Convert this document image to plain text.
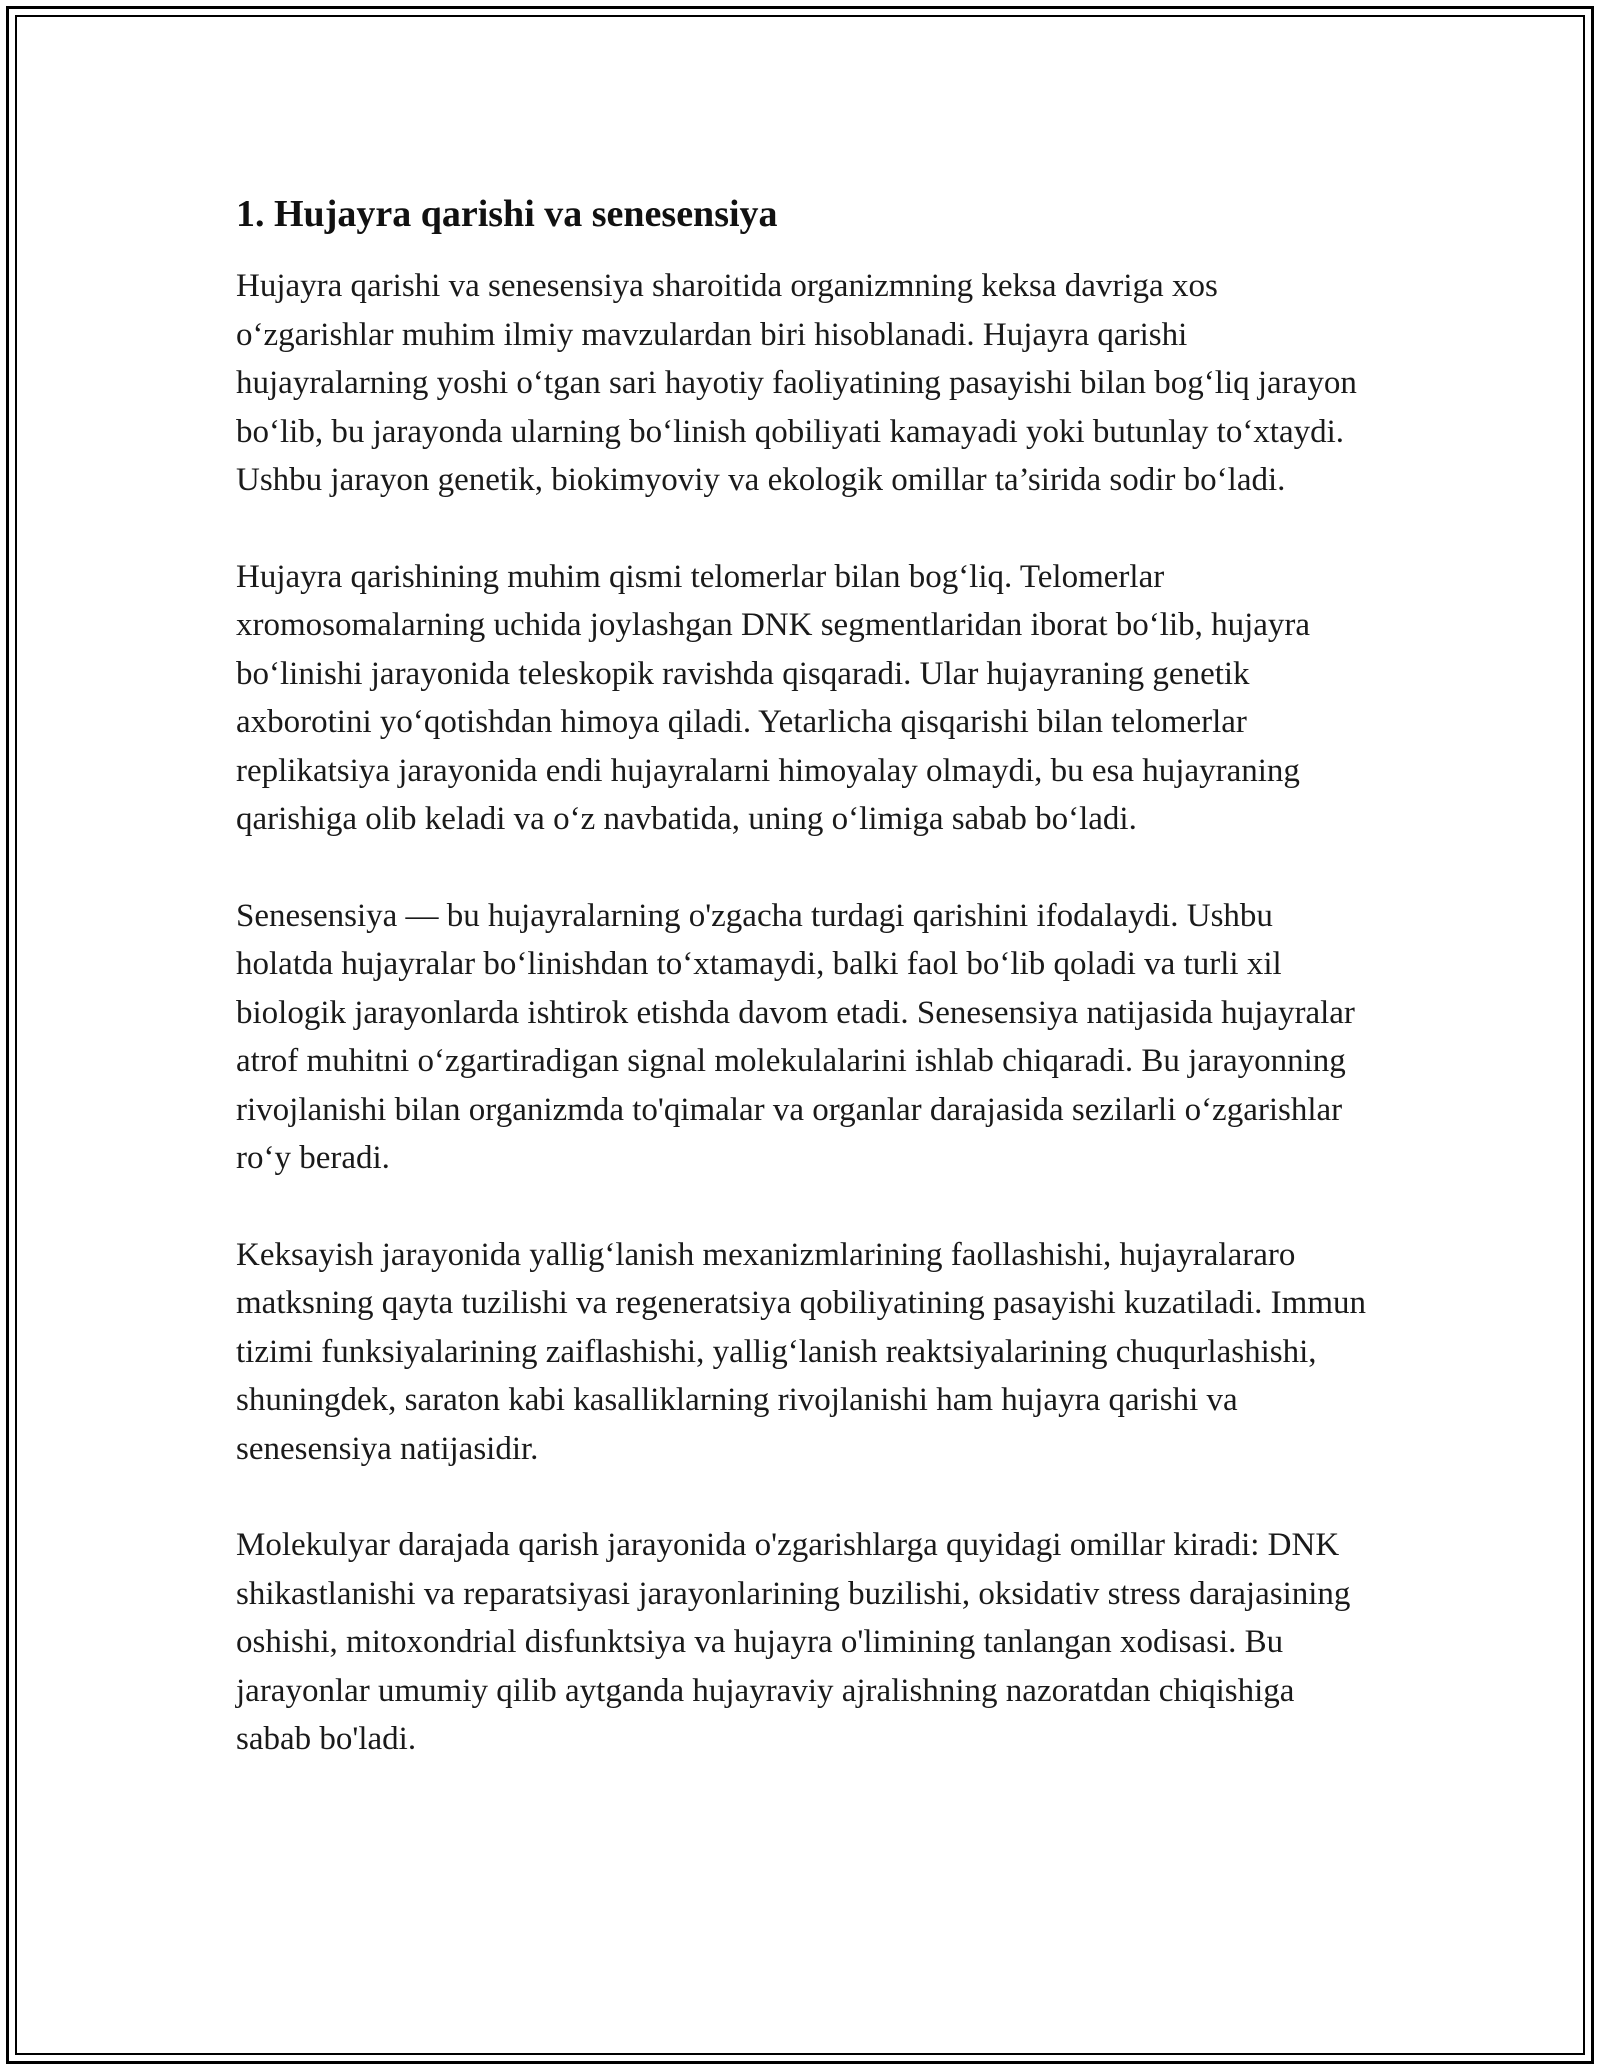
1. Hujayra qarishi va senesensiya

Hujayra qarishi va senesensiya sharoitida organizmning keksa davriga xos o‘zgarishlar muhim ilmiy mavzulardan biri hisoblanadi. Hujayra qarishi hujayralarning yoshi o‘tgan sari hayotiy faoliyatining pasayishi bilan bog‘liq jarayon bo‘lib, bu jarayonda ularning bo‘linish qobiliyati kamayadi yoki butunlay to‘xtaydi. Ushbu jarayon genetik, biokimyoviy va ekologik omillar ta’sirida sodir bo‘ladi.

Hujayra qarishining muhim qismi telomerlar bilan bog‘liq. Telomerlar xromosomalarning uchida joylashgan DNK segmentlaridan iborat bo‘lib, hujayra bo‘linishi jarayonida teleskopik ravishda qisqaradi. Ular hujayraning genetik axborotini yo‘qotishdan himoya qiladi. Yetarlicha qisqarishi bilan telomerlar replikatsiya jarayonida endi hujayralarni himoyalay olmaydi, bu esa hujayraning qarishiga olib keladi va o‘z navbatida, uning o‘limiga sabab bo‘ladi.

Senesensiya — bu hujayralarning o'zgacha turdagi qarishini ifodalaydi. Ushbu holatda hujayralar bo‘linishdan to‘xtamaydi, balki faol bo‘lib qoladi va turli xil biologik jarayonlarda ishtirok etishda davom etadi. Senesensiya natijasida hujayralar atrof muhitni o‘zgartiradigan signal molekulalarini ishlab chiqaradi. Bu jarayonning rivojlanishi bilan organizmda to'qimalar va organlar darajasida sezilarli o‘zgarishlar ro‘y beradi.

Keksayish jarayonida yallig‘lanish mexanizmlarining faollashishi, hujayralararo matksning qayta tuzilishi va regeneratsiya qobiliyatining pasayishi kuzatiladi. Immun tizimi funksiyalarining zaiflashishi, yallig‘lanish reaktsiyalarining chuqurlashishi, shuningdek, saraton kabi kasalliklarning rivojlanishi ham hujayra qarishi va senesensiya natijasidir.

Molekulyar darajada qarish jarayonida o'zgarishlarga quyidagi omillar kiradi: DNK shikastlanishi va reparatsiyasi jarayonlarining buzilishi, oksidativ stress darajasining oshishi, mitoxondrial disfunktsiya va hujayra o'limining tanlangan xodisasi. Bu jarayonlar umumiy qilib aytganda hujayraviy ajralishning nazoratdan chiqishiga sabab bo'ladi.
